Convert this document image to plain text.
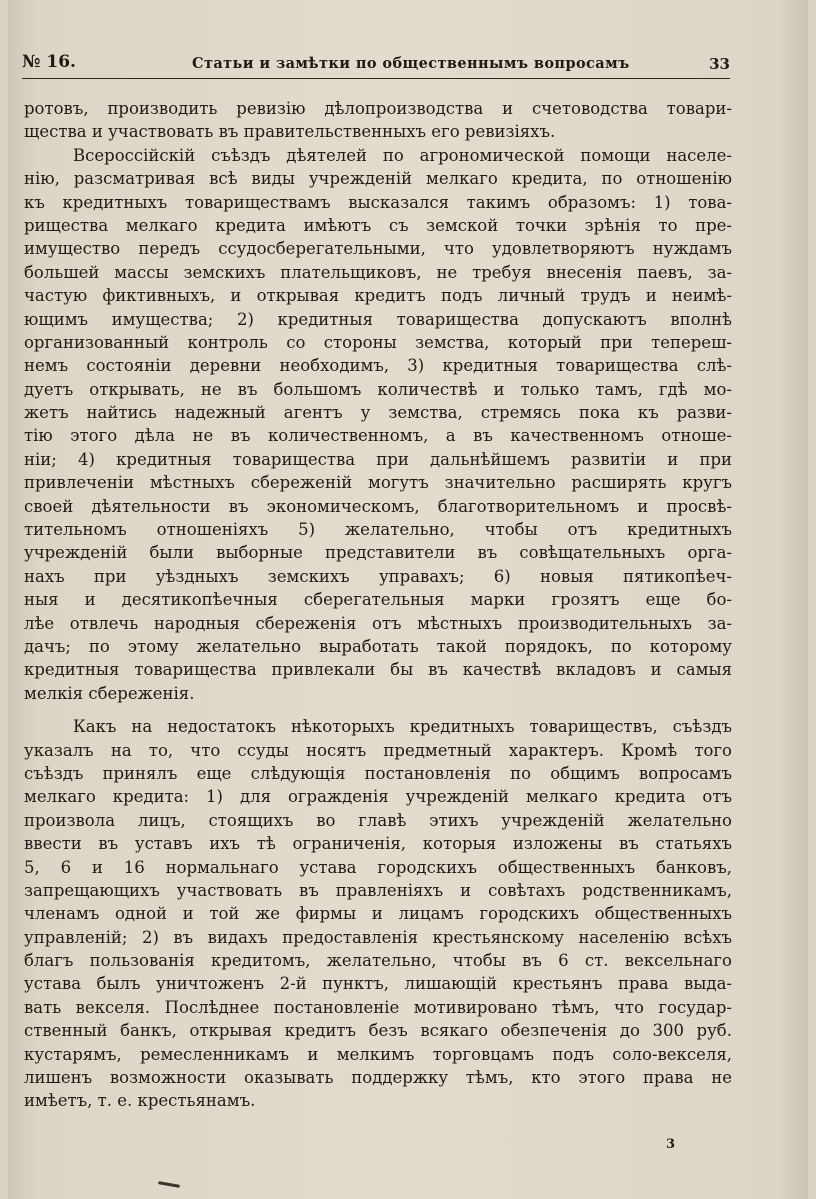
№ 16.	Статьи и замѣтки по общественнымъ вопросамъ	33
ротовъ, производить ревизію дѣлопроизводства и счетоводства товари-
щества и участвовать въ правительственныхъ его ревизіяхъ.
Всероссійскій съѣздъ дѣятелей по агрономической помощи населе-
нію, разсматривая всѣ виды учрежденій мелкаго кредита, по отношенію
къ кредитныхъ товариществамъ высказался такимъ образомъ: 1) това-
рищества мелкаго кредита имѣютъ съ земской точки зрѣнія то пре-
имущество передъ ссудосберегательными, что удовлетворяютъ нуждамъ
большей массы земскихъ плательщиковъ, не требуя внесенія паевъ, за-
частую фиктивныхъ, и открывая кредитъ подъ личный трудъ и неимѣ-
ющимъ имущества; 2) кредитныя товарищества допускаютъ вполнѣ
организованный контроль со стороны земства, который при тепереш-
немъ состояніи деревни необходимъ, 3) кредитныя товарищества слѣ-
дуетъ открывать, не въ большомъ количествѣ и только тамъ, гдѣ мо-
жетъ найтись надежный агентъ у земства, стремясь пока къ разви-
тію этого дѣла не въ количественномъ, а въ качественномъ отноше-
ніи; 4) кредитныя товарищества при дальнѣйшемъ развитіи и при
привлеченіи мѣстныхъ сбереженій могутъ значительно расширять кругъ
своей дѣятельности въ экономическомъ, благотворительномъ и просвѣ-
тительномъ отношеніяхъ 5) желательно, чтобы отъ кредитныхъ
учрежденій были выборные представители въ совѣщательныхъ орга-
нахъ при уѣздныхъ земскихъ управахъ; 6) новыя пятикопѣеч-
ныя и десятикопѣечныя сберегательныя марки грозятъ еще бо-
лѣе отвлечь народныя сбереженія отъ мѣстныхъ производительныхъ за-
дачъ; по этому желательно выработать такой порядокъ, по которому
кредитныя товарищества привлекали бы въ качествѣ вкладовъ и самыя
мелкія сбереженія.
Какъ на недостатокъ нѣкоторыхъ кредитныхъ товариществъ, съѣздъ
указалъ на то, что ссуды носятъ предметный характеръ. Кромѣ того
съѣздъ принялъ еще слѣдующія постановленія по общимъ вопросамъ
мелкаго кредита: 1) для огражденія учрежденій мелкаго кредита отъ
произвола лицъ, стоящихъ во главѣ этихъ учрежденій желательно
ввести въ уставъ ихъ тѣ ограниченія, которыя изложены въ статьяхъ
5, 6 и 16 нормальнаго устава городскихъ общественныхъ банковъ,
запрещающихъ участвовать въ правленіяхъ и совѣтахъ родственникамъ,
членамъ одной и той же фирмы и лицамъ городскихъ общественныхъ
управленій; 2) въ видахъ предоставленія крестьянскому населенію всѣхъ
благъ пользованія кредитомъ, желательно, чтобы въ 6 ст. вексельнаго
устава былъ уничтоженъ 2-й пунктъ, лишающій крестьянъ права выда-
вать векселя. Послѣднее постановленіе мотивировано тѣмъ, что государ-
ственный банкъ, открывая кредитъ безъ всякаго обезпеченія до 300 руб.
кустарямъ, ремесленникамъ и мелкимъ торговцамъ подъ соло-векселя,
лишенъ возможности оказывать поддержку тѣмъ, кто этого права не
имѣетъ, т. е. крестьянамъ.
3
